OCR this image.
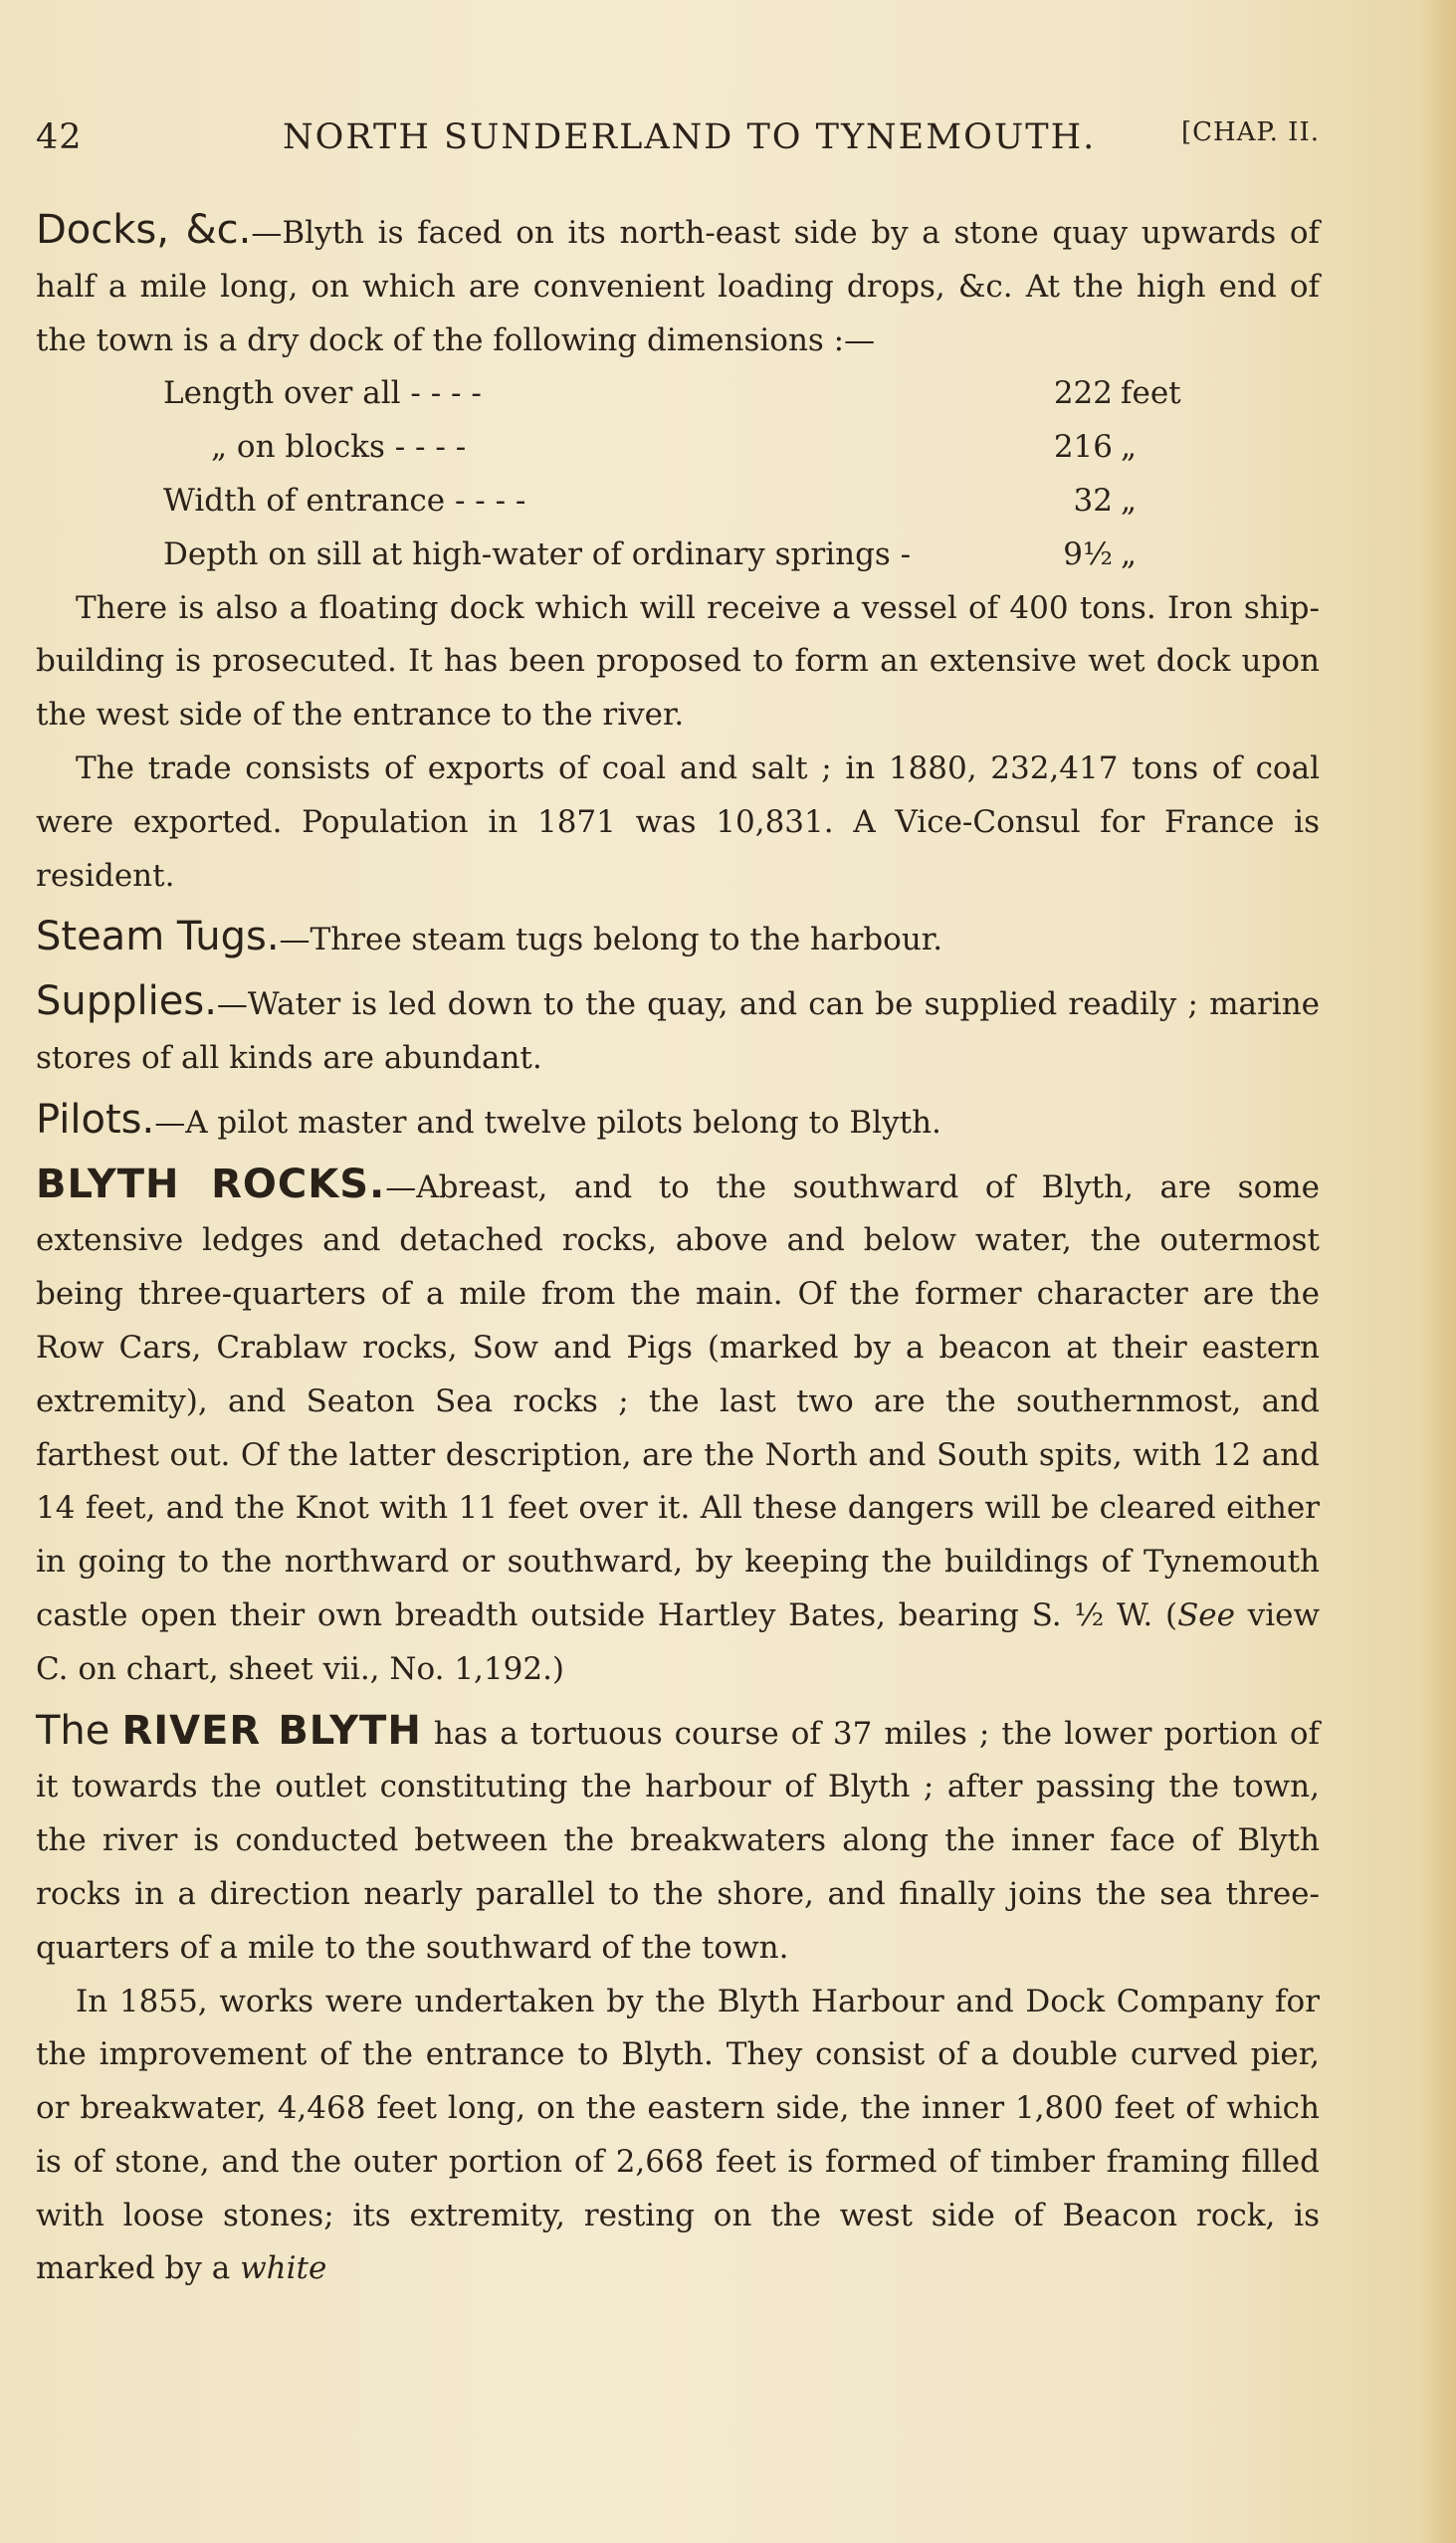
42	NORTH SUNDERLAND TO TYNEMOUTH.	[CHAP. II.

Docks, &c.—Blyth is faced on its north-east side by a stone quay upwards of half a mile long, on which are convenient loading drops, &c. At the high end of the town is a dry dock of the following dimensions :—

Length over all - - - -	222 feet
„ on blocks - - - -	216 „
Width of entrance - - - -	32 „
Depth on sill at high-water of ordinary springs -	9½ „

There is also a floating dock which will receive a vessel of 400 tons. Iron ship-building is prosecuted. It has been proposed to form an extensive wet dock upon the west side of the entrance to the river.

The trade consists of exports of coal and salt ; in 1880, 232,417 tons of coal were exported. Population in 1871 was 10,831. A Vice-Consul for France is resident.

Steam Tugs.—Three steam tugs belong to the harbour.

Supplies.—Water is led down to the quay, and can be supplied readily ; marine stores of all kinds are abundant.

Pilots.—A pilot master and twelve pilots belong to Blyth.

BLYTH ROCKS.—Abreast, and to the southward of Blyth, are some extensive ledges and detached rocks, above and below water, the outermost being three-quarters of a mile from the main. Of the former character are the Row Cars, Crablaw rocks, Sow and Pigs (marked by a beacon at their eastern extremity), and Seaton Sea rocks ; the last two are the southernmost, and farthest out. Of the latter description, are the North and South spits, with 12 and 14 feet, and the Knot with 11 feet over it. All these dangers will be cleared either in going to the northward or southward, by keeping the buildings of Tynemouth castle open their own breadth outside Hartley Bates, bearing S. ½ W. (See view C. on chart, sheet vii., No. 1,192.)

The RIVER BLYTH has a tortuous course of 37 miles ; the lower portion of it towards the outlet constituting the harbour of Blyth ; after passing the town, the river is conducted between the breakwaters along the inner face of Blyth rocks in a direction nearly parallel to the shore, and finally joins the sea three-quarters of a mile to the southward of the town.

In 1855, works were undertaken by the Blyth Harbour and Dock Company for the improvement of the entrance to Blyth. They consist of a double curved pier, or breakwater, 4,468 feet long, on the eastern side, the inner 1,800 feet of which is of stone, and the outer portion of 2,668 feet is formed of timber framing filled with loose stones; its extremity, resting on the west side of Beacon rock, is marked by a white
